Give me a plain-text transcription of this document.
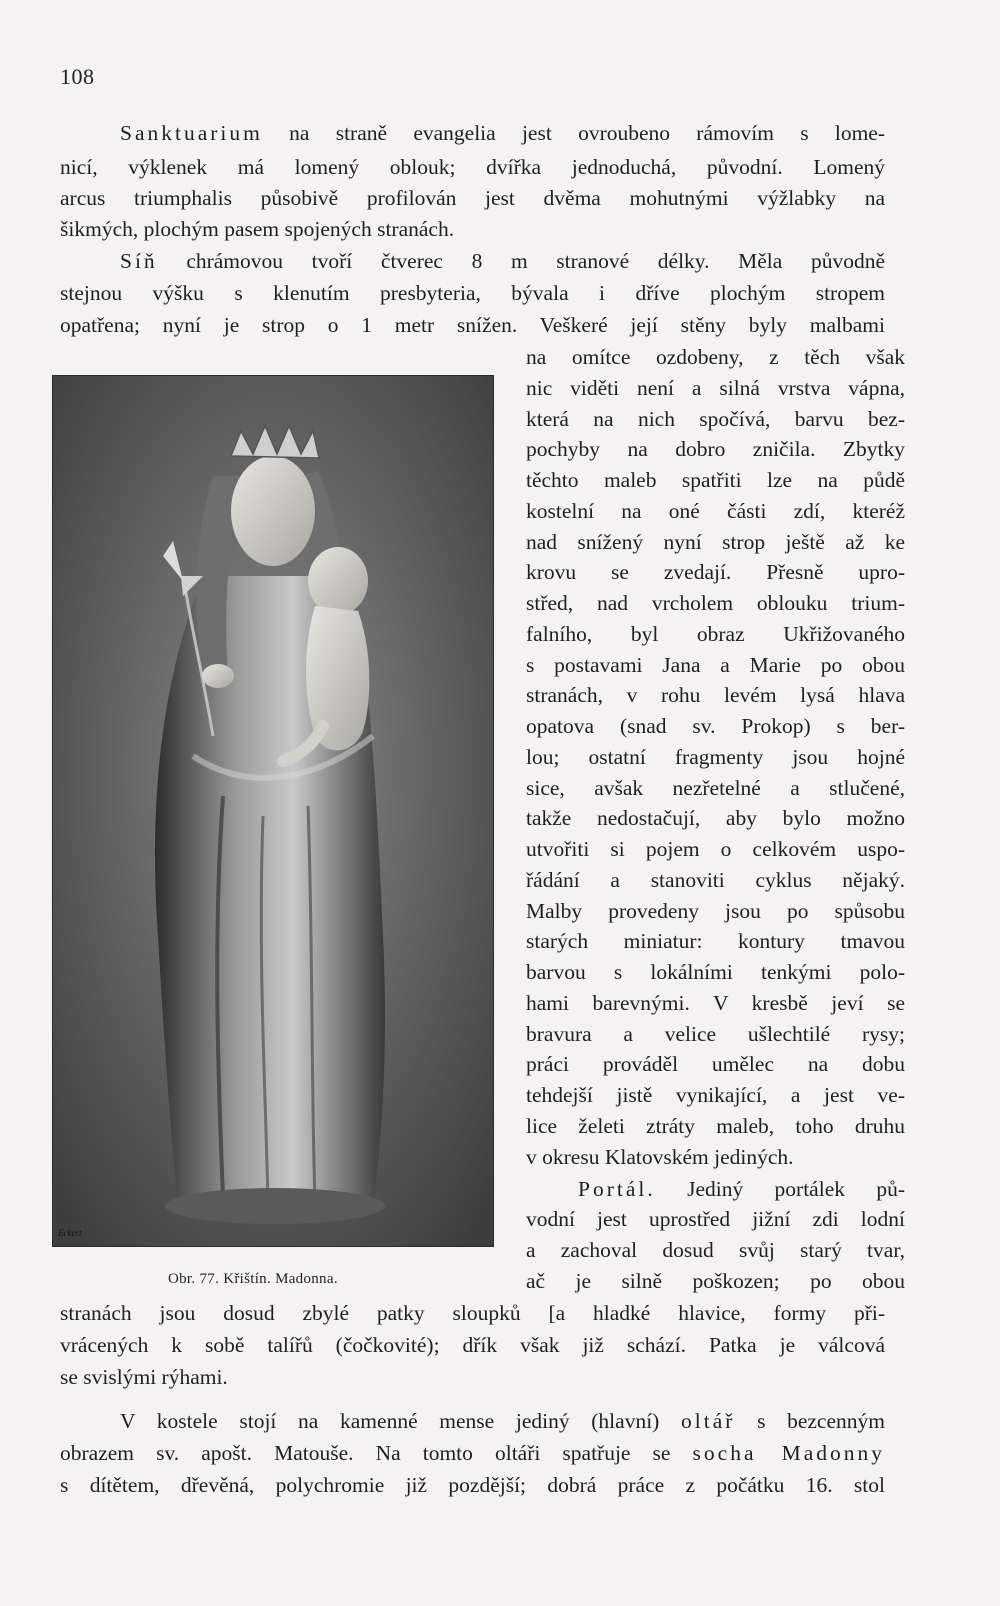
108
Sanktuarium na straně evangelia jest ovroubeno rámovím s lome-
nicí, výklenek má lomený oblouk; dvířka jednoduchá, původní. Lomený
arcus triumphalis působivě profilován jest dvěma mohutnými výžlabky na
šikmých, plochým pasem spojených stranách.
Síň chrámovou tvoří čtverec 8 m stranové délky. Měla původně
stejnou výšku s klenutím presbyteria, bývala i dříve plochým stropem
opatřena; nyní je strop o 1 metr snížen. Veškeré její stěny byly malbami
na omítce ozdobeny, z těch však
nic viděti není a silná vrstva vápna,
která na nich spočívá, barvu bez-
pochyby na dobro zničila. Zbytky
těchto maleb spatřiti lze na půdě
kostelní na oné části zdí, kteréž
nad snížený nyní strop ještě až ke
krovu se zvedají. Přesně upro-
střed, nad vrcholem oblouku trium-
falního, byl obraz Ukřižovaného
s postavami Jana a Marie po obou
stranách, v rohu levém lysá hlava
opatova (snad sv. Prokop) s ber-
lou; ostatní fragmenty jsou hojné
sice, avšak nezřetelné a stlučené,
takže nedostačují, aby bylo možno
utvořiti si pojem o celkovém uspo-
řádání a stanoviti cyklus nějaký.
Malby provedeny jsou po spůsobu
starých miniatur: kontury tmavou
barvou s lokálními tenkými polo-
hami barevnými. V kresbě jeví se
bravura a velice ušlechtilé rysy;
práci prováděl umělec na dobu
tehdejší jistě vynikající, a jest ve-
lice želeti ztráty maleb, toho druhu
v okresu Klatovském jediných.
Portál. Jediný portálek pů-
vodní jest uprostřed jižní zdi lodní
a zachoval dosud svůj starý tvar,
ač je silně poškozen; po obou
stranách jsou dosud zbylé patky sloupků [a hladké hlavice, formy při-
vrácených k sobě talířů (čočkovité); dřík však již schází. Patka je válcová
se svislými rýhami.
V kostele stojí na kamenné mense jediný (hlavní) oltář s bezcenným
obrazem sv. apošt. Matouše. Na tomto oltáři spatřuje se socha Madonny
s dítětem, dřevěná, polychromie již pozdější; dobrá práce z počátku 16. stol
Eckert
Obr. 77. Křištín. Madonna.
